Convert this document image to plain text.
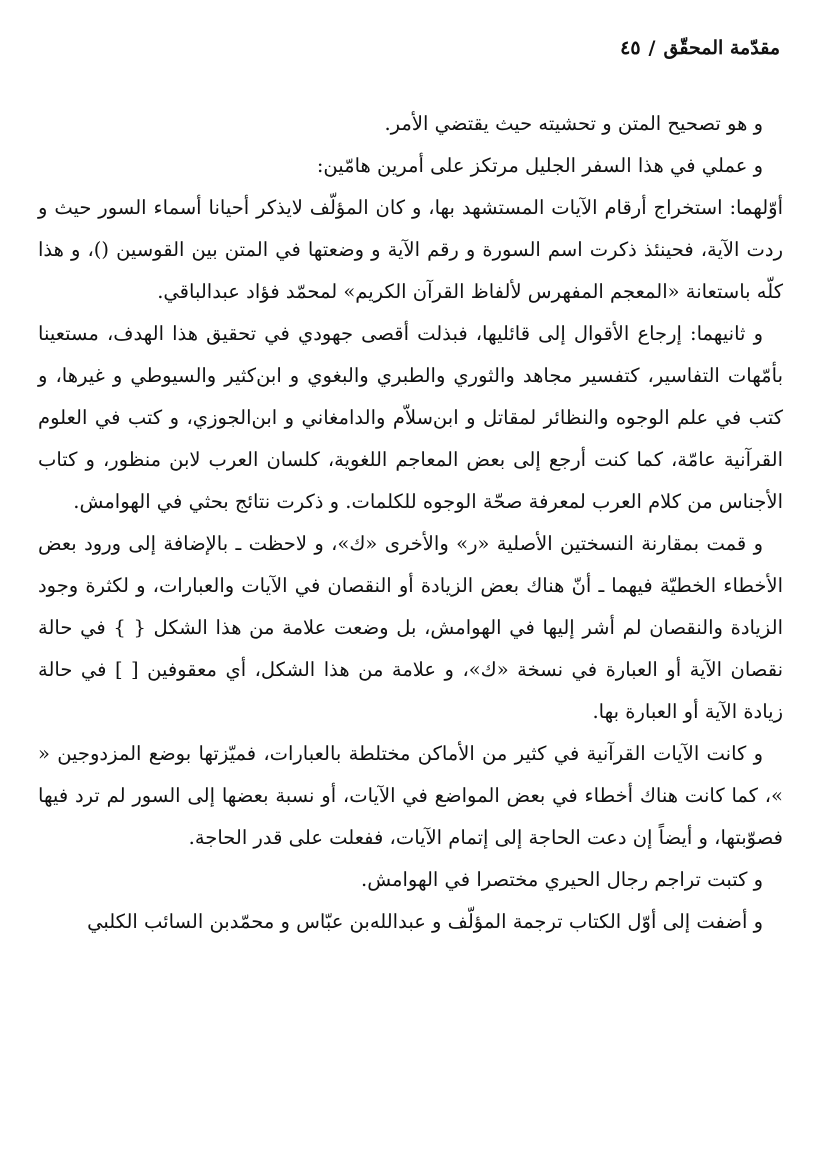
مقدّمة المحقّق/٤٥

و هو تصحيح المتن و تحشيته حيث يقتضي الأمر.

و عملي في هذا السفر الجليل مرتكز على أمرين هامّين:

أوّلهما: استخراج أرقام الآيات المستشهد بها، و كان المؤلّف لايذكر أحيانا أسماء السور حيث و ردت الآية، فحينئذ ذكرت اسم السورة و رقم الآية و وضعتها في المتن بين القوسين ()، و هذا كلّه باستعانة «المعجم المفهرس لألفاظ القرآن الكريم» لمحمّد فؤاد عبدالباقي.

و ثانيهما: إرجاع الأقوال إلى قائليها، فبذلت أقصى جهودي في تحقيق هذا الهدف، مستعينا بأمّهات التفاسير، كتفسير مجاهد والثوري والطبري والبغوي و ابن‌كثير والسيوطي و غيرها، و كتب في علم الوجوه والنظائر لمقاتل و ابن‌سلاّم والدامغاني و ابن‌الجوزي، و كتب في العلوم القرآنية عامّة، كما كنت أرجع إلى بعض المعاجم اللغوية، كلسان العرب لابن منظور، و كتاب الأجناس من كلام العرب لمعرفة صحّة الوجوه للكلمات. و ذكرت نتائج بحثي في الهوامش.

و قمت بمقارنة النسختين الأصلية «ر» والأخرى «ك»، و لاحظت ـ بالإضافة إلى ورود بعض الأخطاء الخطيّة فيهما ـ أنّ هناك بعض الزيادة أو النقصان في الآيات والعبارات، و لكثرة وجود الزيادة والنقصان لم أشر إليها في الهوامش، بل وضعت علامة من هذا الشكل { } في حالة نقصان الآية أو العبارة في نسخة «ك»، و علامة من هذا الشكل، أي معقوفين [ ] في حالة زيادة الآية أو العبارة بها.

و كانت الآيات القرآنية في كثير من الأماكن مختلطة بالعبارات، فميّزتها بوضع المزدوجين « »، كما كانت هناك أخطاء في بعض المواضع في الآيات، أو نسبة بعضها إلى السور لم ترد فيها فصوّبتها، و أيضاً إن دعت الحاجة إلى إتمام الآيات، ففعلت على قدر الحاجة.

و كتبت تراجم رجال الحيري مختصرا في الهوامش.

و أضفت إلى أوّل الكتاب ترجمة المؤلّف و عبدالله‌بن عبّاس و محمّدبن السائب الكلبي
